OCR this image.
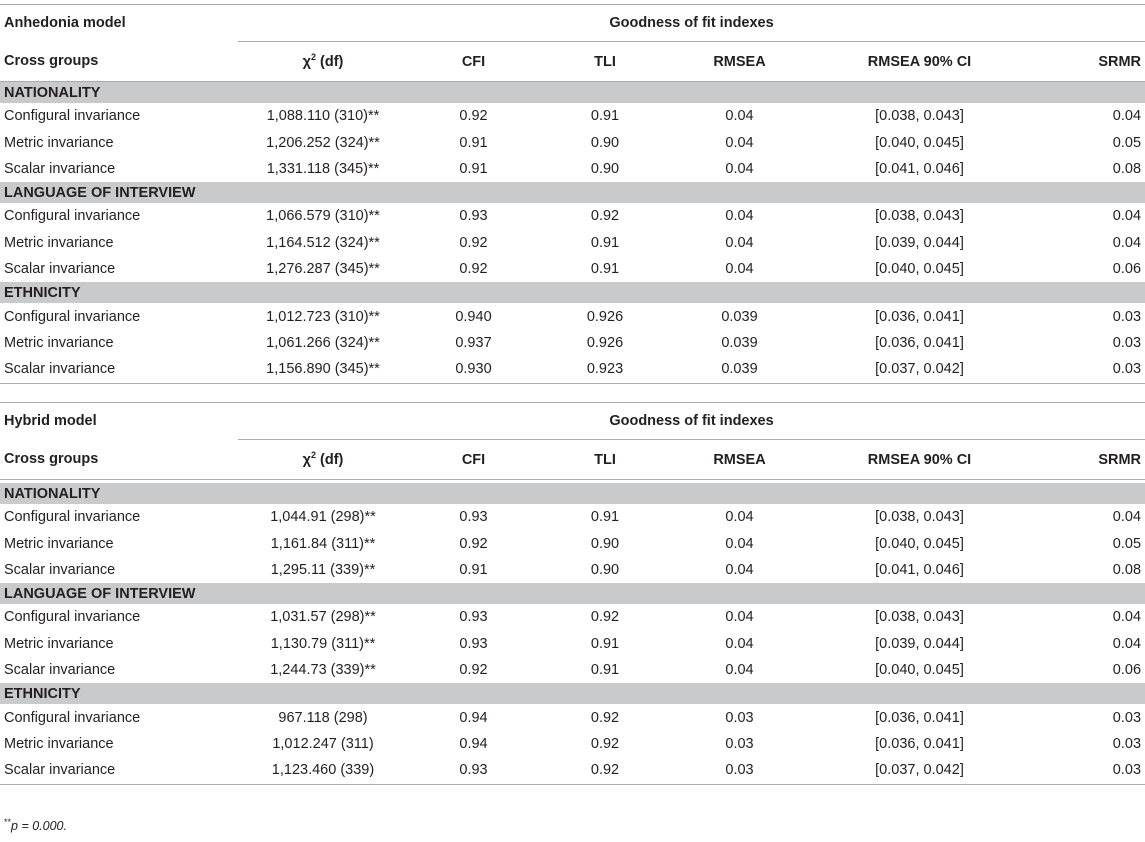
Anhedonia model	Goodness of fit indexes					
Cross groups	$\chi^2$ (df)	CFI	TLI	RMSEA	RMSEA 90% CI	SRMR
NATIONALITY						
Configural invariance	1,088.110 (310)**	0.92	0.91	0.04	[0.038, 0.043]	0.04
Metric invariance	1,206.252 (324)**	0.91	0.90	0.04	[0.040, 0.045]	0.05
Scalar invariance	1,331.118 (345)**	0.91	0.90	0.04	[0.041, 0.046]	0.08
LANGUAGE OF INTERVIEW						
Configural invariance	1,066.579 (310)**	0.93	0.92	0.04	[0.038, 0.043]	0.04
Metric invariance	1,164.512 (324)**	0.92	0.91	0.04	[0.039, 0.044]	0.04
Scalar invariance	1,276.287 (345)**	0.92	0.91	0.04	[0.040, 0.045]	0.06
ETHNICITY						
Configural invariance	1,012.723 (310)**	0.940	0.926	0.039	[0.036, 0.041]	0.03
Metric invariance	1,061.266 (324)**	0.937	0.926	0.039	[0.036, 0.041]	0.03
Scalar invariance	1,156.890 (345)**	0.930	0.923	0.039	[0.037, 0.042]	0.03
Hybrid model	Goodness of fit indexes					
Cross groups	$\chi^2$ (df)	CFI	TLI	RMSEA	RMSEA 90% CI	SRMR

NATIONALITY						
Configural invariance	1,044.91 (298)**	0.93	0.91	0.04	[0.038, 0.043]	0.04
Metric invariance	1,161.84 (311)**	0.92	0.90	0.04	[0.040, 0.045]	0.05
Scalar invariance	1,295.11 (339)**	0.91	0.90	0.04	[0.041, 0.046]	0.08
LANGUAGE OF INTERVIEW						
Configural invariance	1,031.57 (298)**	0.93	0.92	0.04	[0.038, 0.043]	0.04
Metric invariance	1,130.79 (311)**	0.93	0.91	0.04	[0.039, 0.044]	0.04
Scalar invariance	1,244.73 (339)**	0.92	0.91	0.04	[0.040, 0.045]	0.06
ETHNICITY						
Configural invariance	967.118 (298)	0.94	0.92	0.03	[0.036, 0.041]	0.03
Metric invariance	1,012.247 (311)	0.94	0.92	0.03	[0.036, 0.041]	0.03
Scalar invariance	1,123.460 (339)	0.93	0.92	0.03	[0.037, 0.042]	0.03
**p = 0.000.
